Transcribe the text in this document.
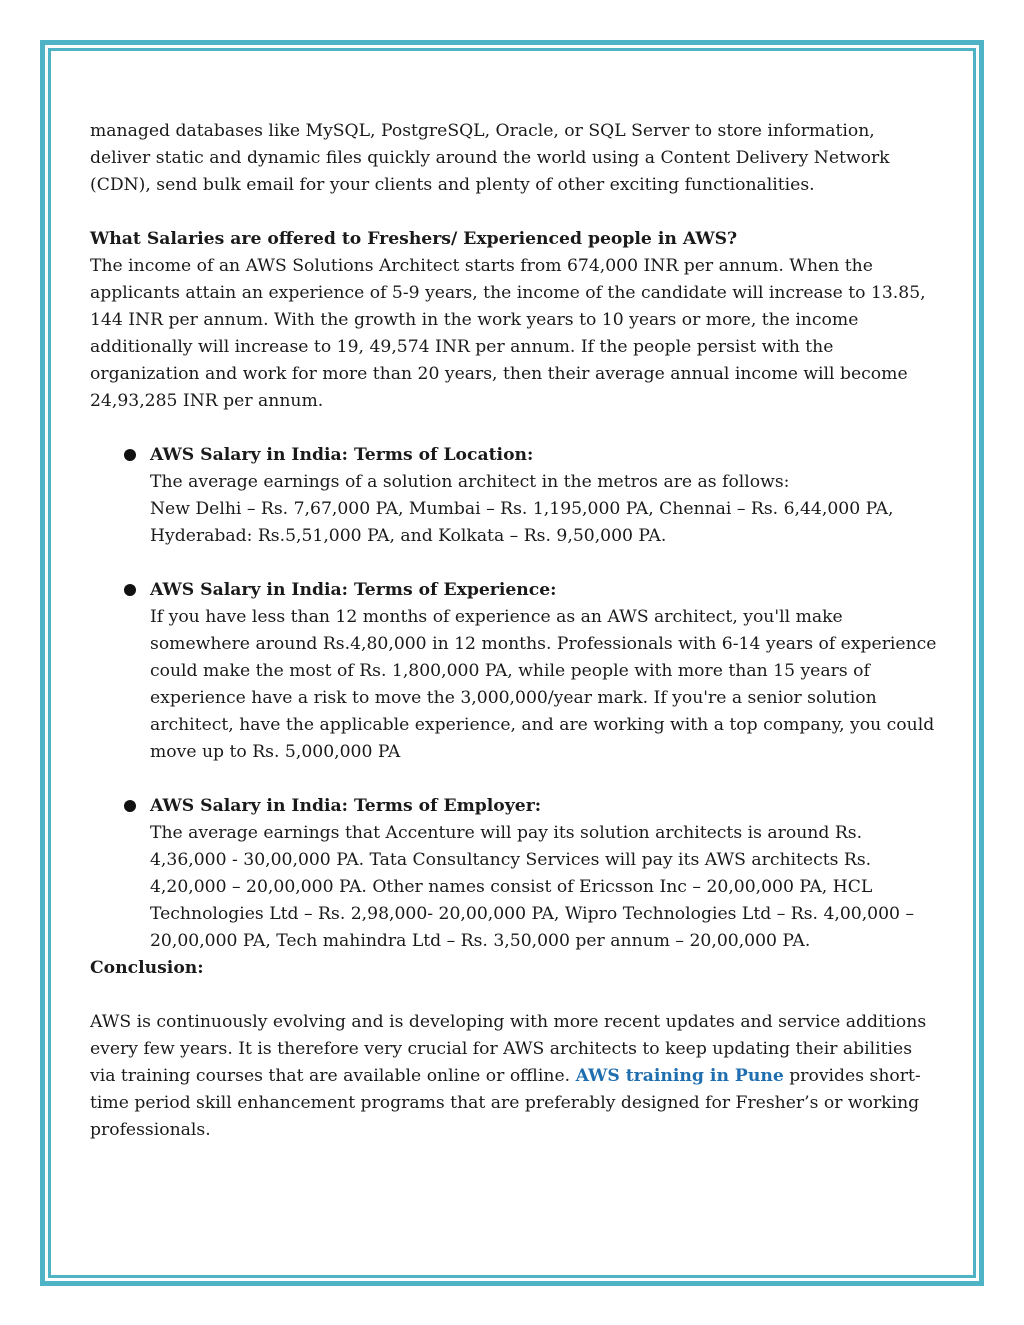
managed databases like MySQL, PostgreSQL, Oracle, or SQL Server to store information, deliver static and dynamic files quickly around the world using a Content Delivery Network (CDN), send bulk email for your clients and plenty of other exciting functionalities.

What Salaries are offered to Freshers/ Experienced people in AWS?

The income of an AWS Solutions Architect starts from 674,000 INR per annum. When the applicants attain an experience of 5-9 years, the income of the candidate will increase to 13.85, 144 INR per annum. With the growth in the work years to 10 years or more, the income additionally will increase to 19, 49,574 INR per annum. If the people persist with the organization and work for more than 20 years, then their average annual income will become 24,93,285 INR per annum.

AWS Salary in India: Terms of Location:

The average earnings of a solution architect in the metros are as follows:

New Delhi – Rs. 7,67,000 PA, Mumbai – Rs. 1,195,000 PA, Chennai – Rs. 6,44,000 PA, Hyderabad: Rs.5,51,000 PA, and Kolkata – Rs. 9,50,000 PA.

AWS Salary in India: Terms of Experience:

If you have less than 12 months of experience as an AWS architect, you'll make somewhere around Rs.4,80,000 in 12 months. Professionals with 6-14 years of experience could make the most of Rs. 1,800,000 PA, while people with more than 15 years of experience have a risk to move the 3,000,000/year mark. If you're a senior solution architect, have the applicable experience, and are working with a top company, you could move up to Rs. 5,000,000 PA

AWS Salary in India: Terms of Employer:

The average earnings that Accenture will pay its solution architects is around Rs. 4,36,000 - 30,00,000 PA. Tata Consultancy Services will pay its AWS architects Rs. 4,20,000 – 20,00,000 PA. Other names consist of Ericsson Inc – 20,00,000 PA, HCL Technologies Ltd – Rs. 2,98,000- 20,00,000 PA, Wipro Technologies Ltd – Rs. 4,00,000 – 20,00,000 PA, Tech mahindra Ltd – Rs. 3,50,000 per annum – 20,00,000 PA.

Conclusion:

AWS is continuously evolving and is developing with more recent updates and service additions every few years. It is therefore very crucial for AWS architects to keep updating their abilities via training courses that are available online or offline. AWS training in Pune provides short-time period skill enhancement programs that are preferably designed for Fresher’s or working professionals.
